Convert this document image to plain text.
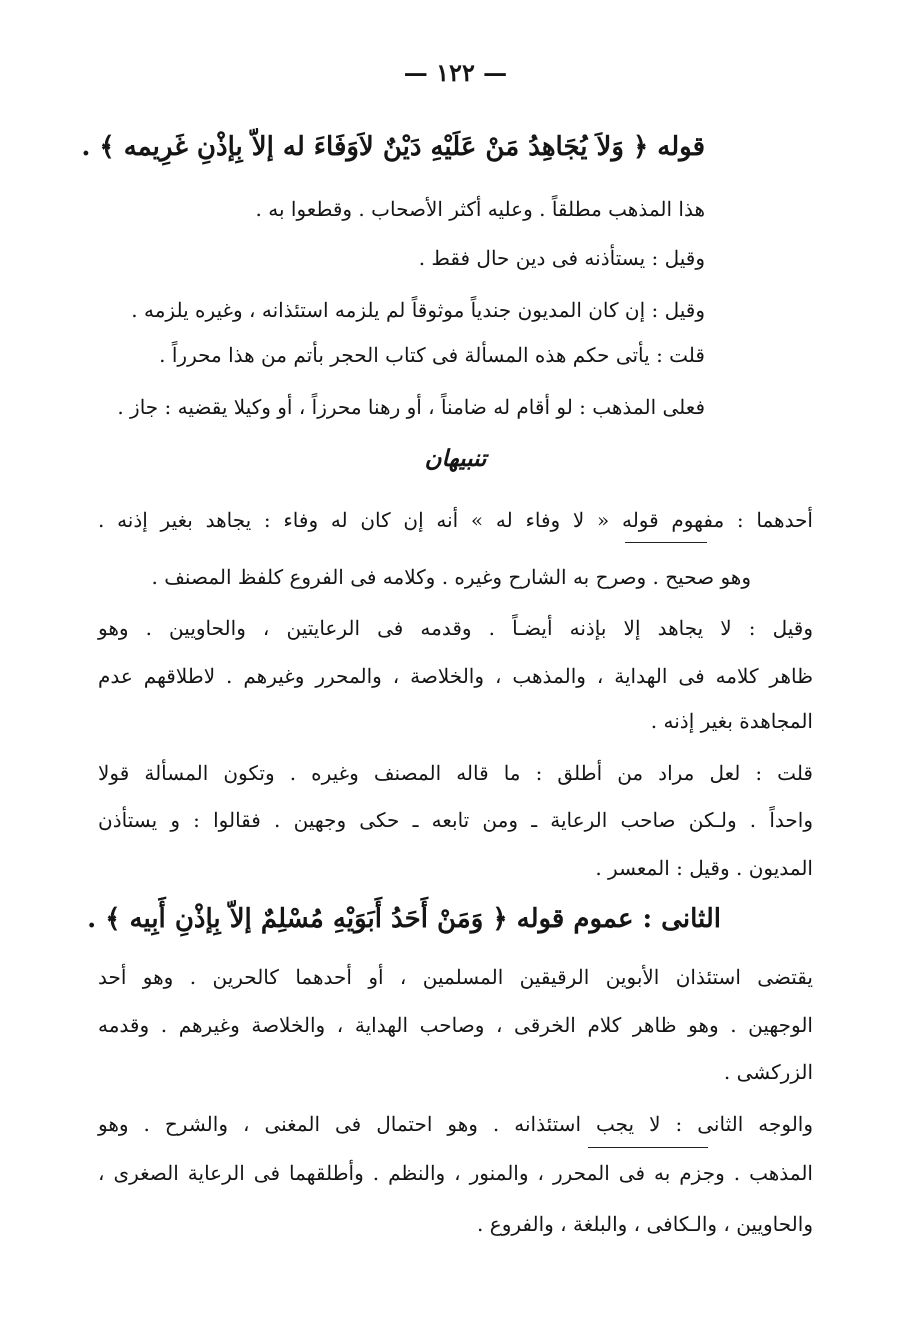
— ١٢٢ —
قوله ﴿ وَلاَ يُجَاهِدُ مَنْ عَلَيْهِ دَيْنٌ لاَوَفَاءَ له إلاّ بِإذْنِ غَرِيمه ﴾ .
هذا المذهب مطلقاً . وعليه أكثر الأصحاب . وقطعوا به .
وقيل : يستأذنه فى دين حال فقط .
وقيل : إن كان المديون جندياً موثوقاً لم يلزمه استئذانه ، وغيره يلزمه .
قلت : يأتى حكم هذه المسألة فى كتاب الحجر بأتم من هذا محرراً .
فعلى المذهب : لو أقام له ضامناً ، أو رهنا محرزاً ، أو وكيلا يقضيه : جاز .
تنبيهان
أحدهما : مفهوم قوله « لا وفاء له » أنه إن كان له وفاء : يجاهد بغير إذنه .
وهو صحيح . وصرح به الشارح وغيره . وكلامه فى الفروع كلفظ المصنف .
وقيل : لا يجاهد إلا بإذنه أيضـاً . وقدمه فى الرعايتين ، والحاويين . وهو
ظاهر كلامه فى الهداية ، والمذهب ، والخلاصة ، والمحرر وغيرهم . لاطلاقهم عدم
المجاهدة بغير إذنه .
قلت : لعل مراد من أطلق : ما قاله المصنف وغيره . وتكون المسألة قولا
واحداً . ولـكن صاحب الرعاية ـ ومن تابعه ـ حكى وجهين . فقالوا : و يستأذن
المديون . وقيل : المعسر .
الثانى : عموم قوله ﴿ وَمَنْ أَحَدُ أَبَوَيْهِ مُسْلِمٌ إلاّ بِإذْنِ أَبِيه ﴾ .
يقتضى استئذان الأبوين الرقيقين المسلمين ، أو أحدهما كالحرين . وهو أحد
الوجهين . وهو ظاهر كلام الخرقى ، وصاحب الهداية ، والخلاصة وغيرهم . وقدمه
الزركشى .
والوجه الثانى : لا يجب استئذانه . وهو احتمال فى المغنى ، والشرح . وهو
المذهب . وجزم به فى المحرر ، والمنور ، والنظم . وأطلقهما فى الرعاية الصغرى ،
والحاويين ، والـكافى ، والبلغة ، والفروع .
